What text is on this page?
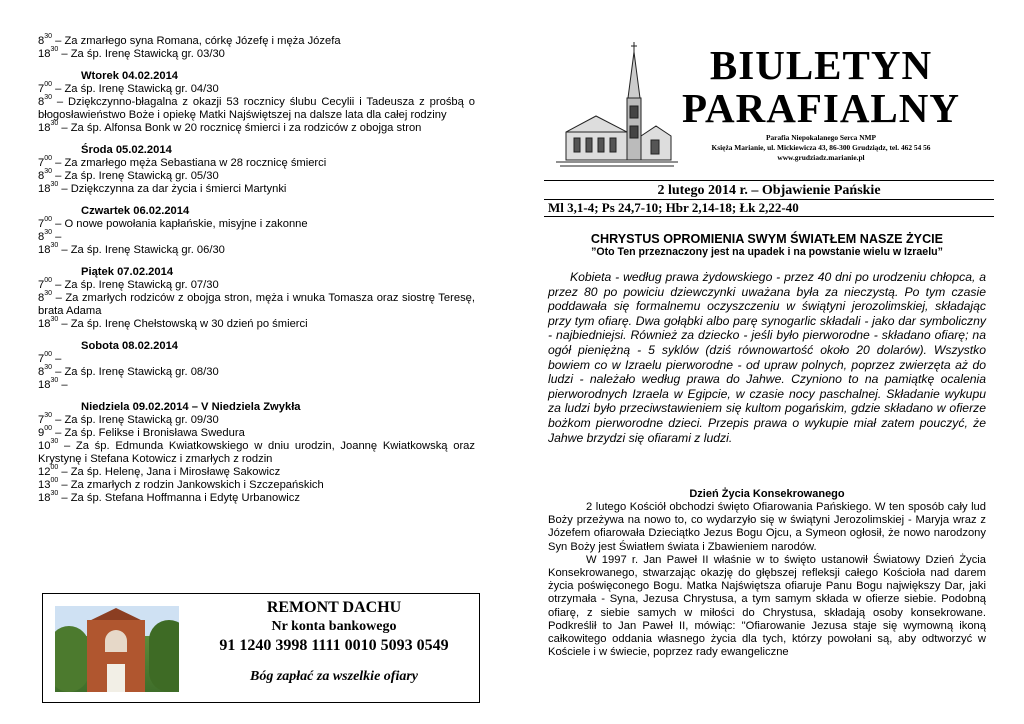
$8^{30}$ – Za zmarłego syna Romana, córkę Józefę i męża Józefa
$18^{30}$ – Za śp. Irenę Stawicką gr. 03/30
Wtorek 04.02.2014
$7^{00}$ – Za śp. Irenę Stawicką gr. 04/30
$8^{30}$ – Dziękczynno-błagalna z okazji 53 rocznicy ślubu Cecylii i Tadeusza z prośbą o błogosławieństwo Boże i opiekę Matki Najświętszej na dalsze lata dla całej rodziny
$18^{30}$ – Za śp. Alfonsa Bonk w 20 rocznicę śmierci i za rodziców z obojga stron
Środa 05.02.2014
$7^{00}$ – Za zmarłego męża Sebastiana w 28 rocznicę śmierci
$8^{30}$ – Za śp. Irenę Stawicką gr. 05/30
$18^{30}$ – Dziękczynna za dar życia i śmierci Martynki
Czwartek 06.02.2014
$7^{00}$ – O nowe powołania kapłańskie, misyjne i zakonne
$8^{30}$ –
$18^{30}$ – Za śp. Irenę Stawicką gr. 06/30
Piątek 07.02.2014
$7^{00}$ – Za śp. Irenę Stawicką gr. 07/30
$8^{30}$ – Za zmarłych rodziców z obojga stron, męża i wnuka Tomasza oraz siostrę Teresę, brata Adama
$18^{30}$ – Za śp. Irenę Chełstowską w 30 dzień po śmierci
Sobota 08.02.2014
$7^{00}$ –
$8^{30}$ – Za śp. Irenę Stawicką gr. 08/30
$18^{30}$ –
Niedziela 09.02.2014 – V Niedziela Zwykła
$7^{30}$ – Za śp. Irenę Stawicką gr. 09/30
$9^{00}$ – Za śp. Felikse i Bronisława Swedura
$10^{30}$ – Za śp. Edmunda Kwiatkowskiego w dniu urodzin, Joannę Kwiatkowską oraz Krystynę i Stefana Kotowicz i zmarłych z rodzin
$12^{00}$ – Za śp. Helenę, Jana i Mirosławę Sakowicz
$13^{00}$ – Za zmarłych z rodzin Jankowskich i Szczepańskich
$18^{30}$ – Za śp. Stefana Hoffmanna i Edytę Urbanowicz
REMONT DACHU
Nr konta bankowego
91 1240 3998 1111 0010 5093 0549
Bóg zapłać za wszelkie ofiary
BIULETYN
PARAFIALNY
Parafia Niepokalanego Serca NMP
Księża Marianie, ul. Mickiewicza 43, 86-300 Grudziądz, tel. 462 54 56
www.grudziadz.marianie.pl
2 lutego 2014 r. – Objawienie Pańskie
Ml 3,1-4; Ps 24,7-10; Hbr 2,14-18; Łk 2,22-40
CHRYSTUS OPROMIENIA SWYM ŚWIATŁEM NASZE ŻYCIE
”Oto Ten przeznaczony jest na upadek i na powstanie wielu w Izraelu”
Kobieta - według prawa żydowskiego - przez 40 dni po urodzeniu chłopca, a przez 80 po powiciu dziewczynki uważana była za nieczystą. Po tym czasie poddawała się formalnemu oczyszczeniu w świątyni jerozolimskiej, składając przy tym ofiarę. Dwa gołąbki albo parę synogarlic składali - jako dar symboliczny - najbiedniejsi. Również za dziecko - jeśli było pierworodne - składano ofiarę; na ogół pieniężną - 5 syklów (dziś równowartość około 20 dolarów). Wszystko bowiem co w Izraelu pierworodne - od upraw polnych, poprzez zwierzęta aż do ludzi - należało według prawa do Jahwe. Czyniono to na pamiątkę ocalenia pierworodnych Izraela w Egipcie, w czasie nocy paschalnej. Składanie wykupu za ludzi było przeciwstawieniem się kultom pogańskim, gdzie składano w ofierze bożkom pierworodne dzieci. Przepis prawa o wykupie miał zatem pouczyć, że Jahwe brzydzi się ofiarami z ludzi.
Dzień Życia Konsekrowanego

2 lutego Kościół obchodzi święto Ofiarowania Pańskiego. W ten sposób cały lud Boży przeżywa na nowo to, co wydarzyło się w świątyni Jerozolimskiej - Maryja wraz z Józefem ofiarowała Dzieciątko Jezus Bogu Ojcu, a Symeon ogłosił, że nowo narodzony Syn Boży jest Światłem świata i Zbawieniem narodów.

W 1997 r. Jan Paweł II właśnie w to święto ustanowił Światowy Dzień Życia Konsekrowanego, stwarzając okazję do głębszej refleksji całego Kościoła nad darem życia poświęconego Bogu. Matka Najświętsza ofiaruje Panu Bogu największy Dar, jaki otrzymała - Syna, Jezusa Chrystusa, a tym samym składa w ofierze siebie. Podobną ofiarę, z siebie samych w miłości do Chrystusa, składają osoby konsekrowane. Podkreślił to Jan Paweł II, mówiąc: "Ofiarowanie Jezusa staje się wymowną ikoną całkowitego oddania własnego życia dla tych, którzy powołani są, aby odtworzyć w Kościele i w świecie, poprzez rady ewangeliczne
